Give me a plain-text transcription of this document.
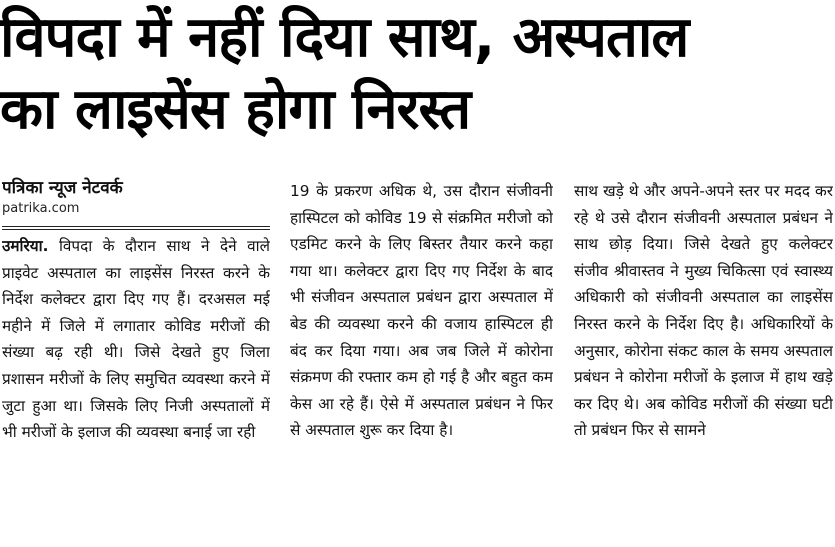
विपदा में नहीं दिया साथ, अस्पताल
का लाइसेंस होगा निरस्त
पत्रिका न्यूज नेटवर्क
patrika.com

उमरिया. विपदा के दौरान साथ ने देने वाले प्राइवेट अस्पताल का लाइसेंस निरस्त करने के निर्देश कलेक्टर द्वारा दिए गए हैं। दरअसल मई महीने में जिले में लगातार कोविड मरीजों की संख्या बढ़ रही थी। जिसे देखते हुए जिला प्रशासन मरीजों के लिए समुचित व्यवस्था करने में जुटा हुआ था। जिसके लिए निजी अस्पतालों में भी मरीजों के इलाज की व्यवस्था बनाई जा रही

19 के प्रकरण अधिक थे, उस दौरान संजीवनी हास्पिटल को कोविड 19 से संक्रमित मरीजो को एडमिट करने के लिए बिस्तर तैयार करने कहा गया था। कलेक्टर द्वारा दिए गए निर्देश के बाद भी संजीवन अस्पताल प्रबंधन द्वारा अस्पताल में बेड की व्यवस्था करने की वजाय हास्पिटल ही बंद कर दिया गया। अब जब जिले में कोरोना संक्रमण की रफ्तार कम हो गई है और बहुत कम केस आ रहे हैं। ऐसे में अस्पताल प्रबंधन ने फिर से अस्पताल शुरू कर दिया है।

साथ खड़े थे और अपने-अपने स्तर पर मदद कर रहे थे उसे दौरान संजीवनी अस्पताल प्रबंधन ने साथ छोड़ दिया। जिसे देखते हुए कलेक्टर संजीव श्रीवास्तव ने मुख्य चिकित्सा एवं स्वास्थ्य अधिकारी को संजीवनी अस्पताल का लाइसेंस निरस्त करने के निर्देश दिए है। अधिकारियों के अनुसार, कोरोना संकट काल के समय अस्पताल प्रबंधन ने कोरोना मरीजों के इलाज में हाथ खड़े कर दिए थे। अब कोविड मरीजों की संख्या घटी तो प्रबंधन फिर से सामने
